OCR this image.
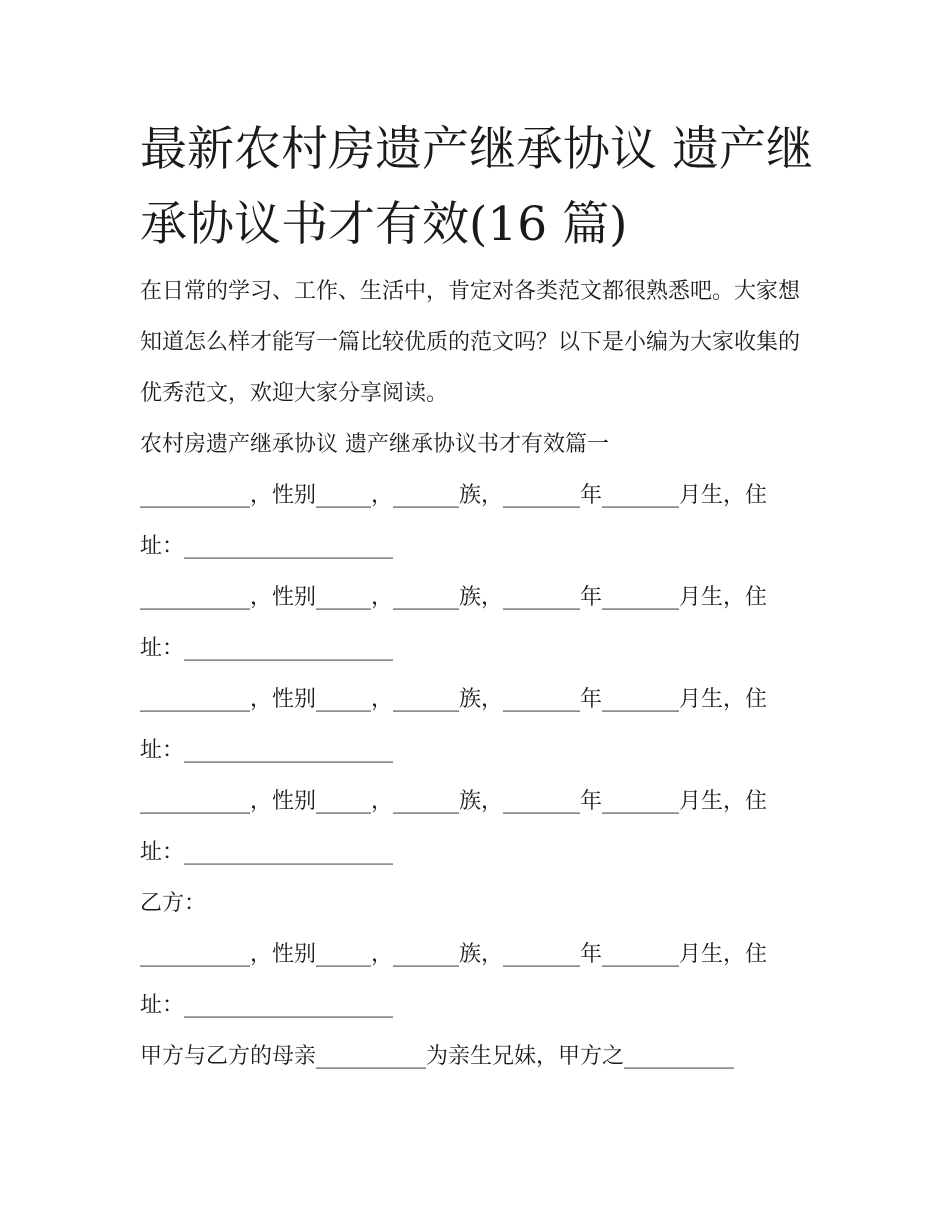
最新农村房遗产继承协议 遗产继承协议书才有效(16 篇)

在日常的学习、工作、生活中，肯定对各类范文都很熟悉吧。大家想知道怎么样才能写一篇比较优质的范文吗？以下是小编为大家收集的优秀范文，欢迎大家分享阅读。

农村房遗产继承协议 遗产继承协议书才有效篇一

__________，性别_____，______族，_______年_______月生，住

址：___________________

__________，性别_____，______族，_______年_______月生，住

址：___________________

__________，性别_____，______族，_______年_______月生，住

址：___________________

__________，性别_____，______族，_______年_______月生，住

址：___________________

乙方：

__________，性别_____，______族，_______年_______月生，住

址：___________________

甲方与乙方的母亲__________为亲生兄妹，甲方之__________
